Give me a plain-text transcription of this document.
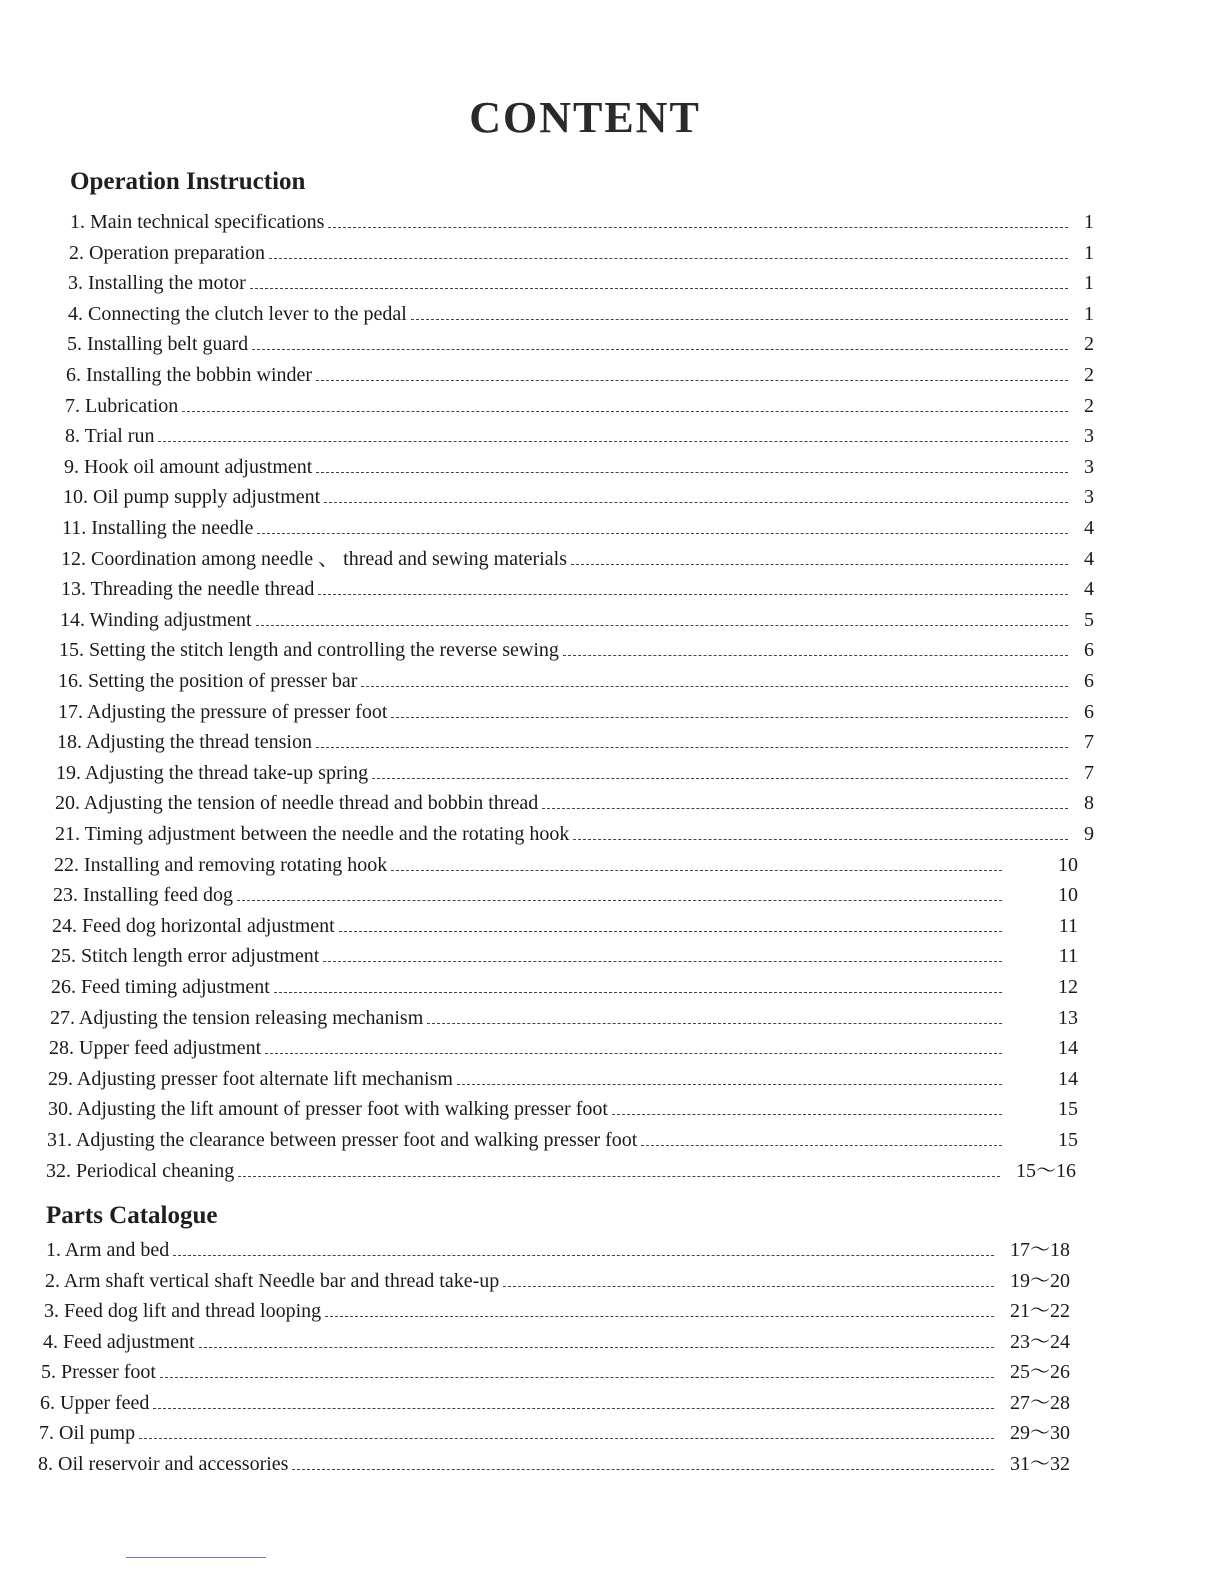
CONTENT
Operation Instruction
Parts Catalogue
1. Main technical specifications	1
2. Operation preparation	1
3. Installing the motor	1
4. Connecting the clutch lever to the pedal	1
5. Installing belt guard	2
6. Installing the bobbin winder	2
7. Lubrication	2
8. Trial run	3
9. Hook oil amount adjustment	3
10. Oil pump supply adjustment	3
11. Installing the needle	4
12. Coordination among needle 、 thread and sewing materials	4
13. Threading the needle thread	4
14. Winding adjustment	5
15. Setting the stitch length and controlling the reverse sewing	6
16. Setting the position of presser bar	6
17. Adjusting the pressure of presser foot	6
18. Adjusting the thread tension	7
19. Adjusting the thread take-up spring	7
20. Adjusting the tension of needle thread and bobbin thread	8
21. Timing adjustment between the needle and the rotating hook	9
22. Installing and removing rotating hook	10
23. Installing feed dog	10
24. Feed dog horizontal adjustment	11
25. Stitch length error adjustment	11
26. Feed timing adjustment	12
27. Adjusting the tension releasing mechanism	13
28. Upper feed adjustment	14
29. Adjusting presser foot alternate lift mechanism	14
30. Adjusting the lift amount of presser foot with walking presser foot	15
31. Adjusting the clearance between presser foot and walking presser foot	15
32. Periodical cheaning	15～16
1. Arm and bed	17～18
2. Arm shaft vertical shaft Needle bar and thread take-up	19～20
3. Feed dog lift and thread looping	21～22
4. Feed adjustment	23～24
5. Presser foot	25～26
6. Upper feed	27～28
7. Oil pump	29～30
8. Oil reservoir and accessories	31～32
